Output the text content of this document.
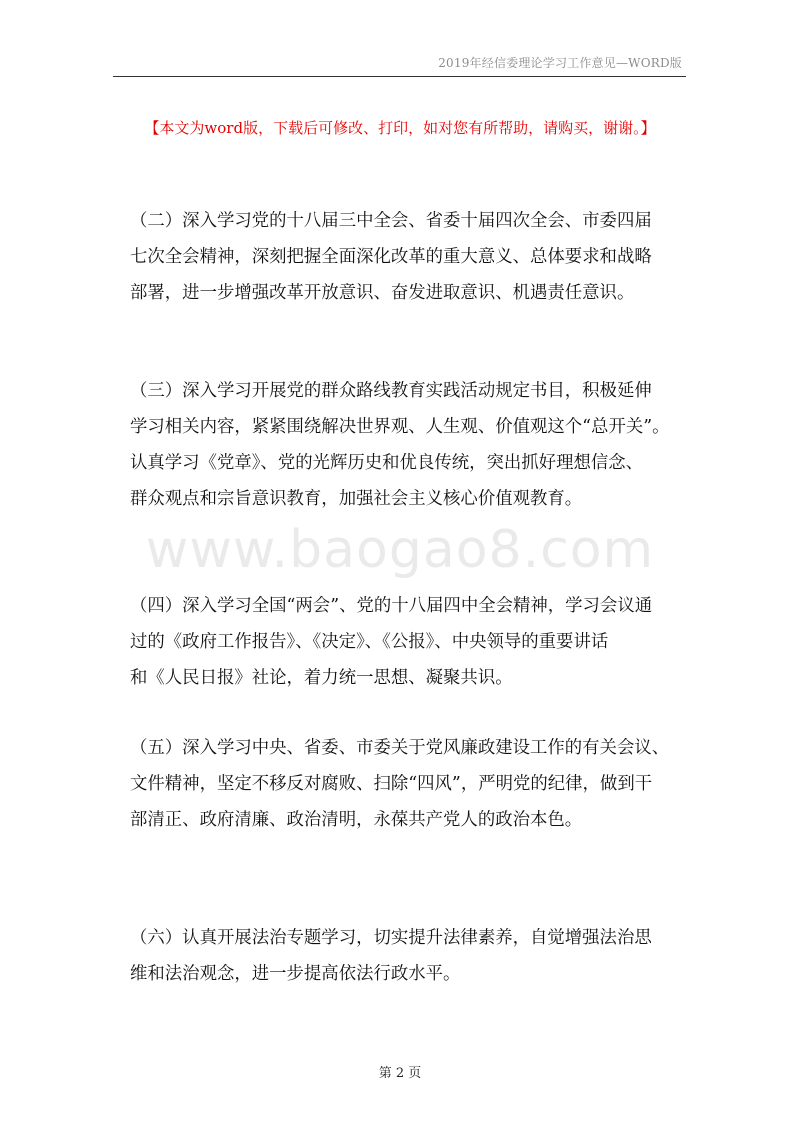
2019年经信委理论学习工作意见—WORD版
【本文为word版，下载后可修改、打印，如对您有所帮助，请购买，谢谢。】
www.baogao8.com

（二）深入学习党的十八届三中全会、省委十届四次全会、市委四届
七次全会精神，深刻把握全面深化改革的重大意义、总体要求和战略
部署，进一步增强改革开放意识、奋发进取意识、机遇责任意识。

（三）深入学习开展党的群众路线教育实践活动规定书目，积极延伸
学习相关内容，紧紧围绕解决世界观、人生观、价值观这个“总开关”。
认真学习《党章》、党的光辉历史和优良传统，突出抓好理想信念、
群众观点和宗旨意识教育，加强社会主义核心价值观教育。

（四）深入学习全国“两会”、党的十八届四中全会精神，学习会议通
过的《政府工作报告》、《决定》、《公报》、中央领导的重要讲话
和《人民日报》社论，着力统一思想、凝聚共识。

（五）深入学习中央、省委、市委关于党风廉政建设工作的有关会议、
文件精神，坚定不移反对腐败、扫除“四风”，严明党的纪律，做到干
部清正、政府清廉、政治清明，永葆共产党人的政治本色。

（六）认真开展法治专题学习，切实提升法律素养，自觉增强法治思
维和法治观念，进一步提高依法行政水平。

第 2 页
